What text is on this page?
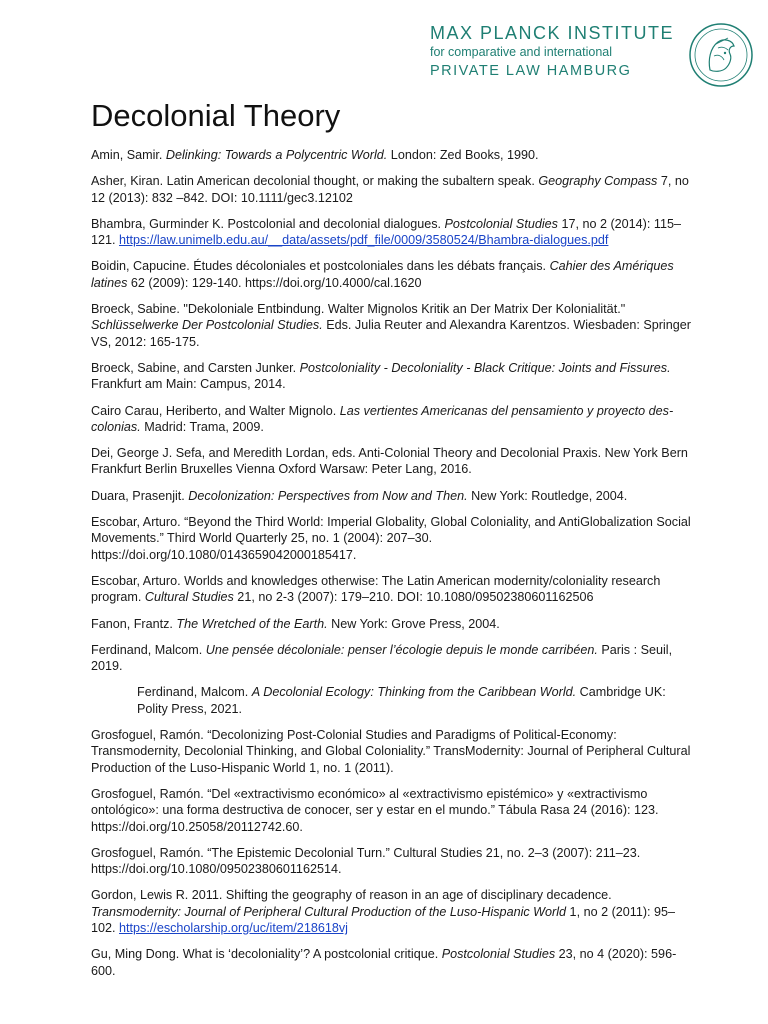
MAX PLANCK INSTITUTE
for comparative and international
PRIVATE LAW HAMBURG
Decolonial Theory

Amin, Samir. Delinking: Towards a Polycentric World. London: Zed Books, 1990.

Asher, Kiran. Latin American decolonial thought, or making the subaltern speak. Geography Compass 7, no 12 (2013): 832 –842. DOI: 10.1111/gec3.12102

Bhambra, Gurminder K. Postcolonial and decolonial dialogues. Postcolonial Studies 17, no 2 (2014): 115–121. https://law.unimelb.edu.au/__data/assets/pdf_file/0009/3580524/Bhambra-dialogues.pdf

Boidin, Capucine. Études décoloniales et postcoloniales dans les débats français. Cahier des Amériques latines 62 (2009): 129-140. https://doi.org/10.4000/cal.1620

Broeck, Sabine. "Dekoloniale Entbindung. Walter Mignolos Kritik an Der Matrix Der Kolonialität." Schlüsselwerke Der Postcolonial Studies. Eds. Julia Reuter and Alexandra Karentzos. Wiesbaden: Springer VS, 2012: 165-175.

Broeck, Sabine, and Carsten Junker. Postcoloniality - Decoloniality - Black Critique: Joints and Fissures. Frankfurt am Main: Campus, 2014.

Cairo Carau, Heriberto, and Walter Mignolo. Las vertientes Americanas del pensamiento y proyecto des-colonias. Madrid: Trama, 2009.

Dei, George J. Sefa, and Meredith Lordan, eds. Anti-Colonial Theory and Decolonial Praxis. New York Bern Frankfurt Berlin Bruxelles Vienna Oxford Warsaw: Peter Lang, 2016.

Duara, Prasenjit. Decolonization: Perspectives from Now and Then. New York: Routledge, 2004.

Escobar, Arturo. “Beyond the Third World: Imperial Globality, Global Coloniality, and AntiGlobalization Social Movements.” Third World Quarterly 25, no. 1 (2004): 207–30. https://doi.org/10.1080/0143659042000185417.

Escobar, Arturo. Worlds and knowledges otherwise: The Latin American modernity/coloniality research program. Cultural Studies 21, no 2-3 (2007): 179–210. DOI: 10.1080/09502380601162506

Fanon, Frantz. The Wretched of the Earth. New York: Grove Press, 2004.

Ferdinand, Malcom. Une pensée décoloniale: penser l’écologie depuis le monde carribéen. Paris : Seuil, 2019.

Ferdinand, Malcom. A Decolonial Ecology: Thinking from the Caribbean World. Cambridge UK: Polity Press, 2021.

Grosfoguel, Ramón. “Decolonizing Post-Colonial Studies and Paradigms of Political-Economy: Transmodernity, Decolonial Thinking, and Global Coloniality.” TransModernity: Journal of Peripheral Cultural Production of the Luso-Hispanic World 1, no. 1 (2011).

Grosfoguel, Ramón. “Del «extractivismo económico» al «extractivismo epistémico» y «extractivismo ontológico»: una forma destructiva de conocer, ser y estar en el mundo.” Tábula Rasa 24 (2016): 123. https://doi.org/10.25058/20112742.60.

Grosfoguel, Ramón. “The Epistemic Decolonial Turn.” Cultural Studies 21, no. 2–3 (2007): 211–23. https://doi.org/10.1080/09502380601162514.

Gordon, Lewis R. 2011. Shifting the geography of reason in an age of disciplinary decadence. Transmodernity: Journal of Peripheral Cultural Production of the Luso-Hispanic World 1, no 2 (2011): 95–102. https://escholarship.org/uc/item/218618vj

Gu, Ming Dong. What is ‘decoloniality’? A postcolonial critique. Postcolonial Studies 23, no 4 (2020): 596-600.
